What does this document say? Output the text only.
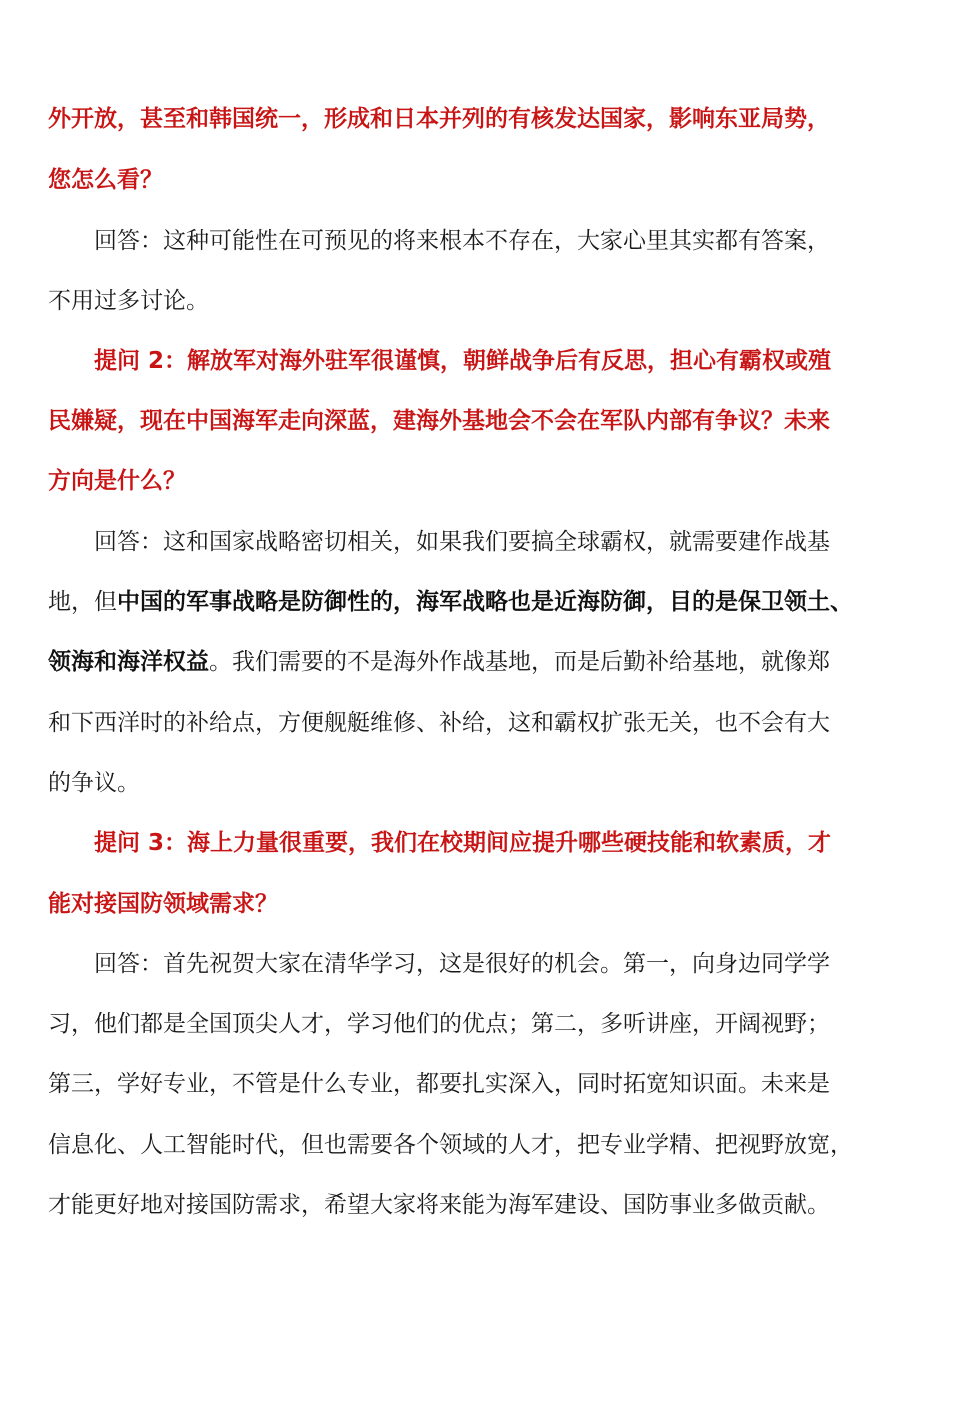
外开放，甚至和韩国统一，形成和日本并列的有核发达国家，影响东亚局势，
您怎么看？
回答：这种可能性在可预见的将来根本不存在，大家心里其实都有答案，
不用过多讨论。
提问 2：解放军对海外驻军很谨慎，朝鲜战争后有反思，担心有霸权或殖
民嫌疑，现在中国海军走向深蓝，建海外基地会不会在军队内部有争议？未来
方向是什么？
回答：这和国家战略密切相关，如果我们要搞全球霸权，就需要建作战基
地，但中国的军事战略是防御性的，海军战略也是近海防御，目的是保卫领土、
领海和海洋权益。我们需要的不是海外作战基地，而是后勤补给基地，就像郑
和下西洋时的补给点，方便舰艇维修、补给，这和霸权扩张无关，也不会有大
的争议。
提问 3：海上力量很重要，我们在校期间应提升哪些硬技能和软素质，才
能对接国防领域需求？
回答：首先祝贺大家在清华学习，这是很好的机会。第一，向身边同学学
习，他们都是全国顶尖人才，学习他们的优点；第二，多听讲座，开阔视野；
第三，学好专业，不管是什么专业，都要扎实深入，同时拓宽知识面。未来是
信息化、人工智能时代，但也需要各个领域的人才，把专业学精、把视野放宽，
才能更好地对接国防需求，希望大家将来能为海军建设、国防事业多做贡献。
